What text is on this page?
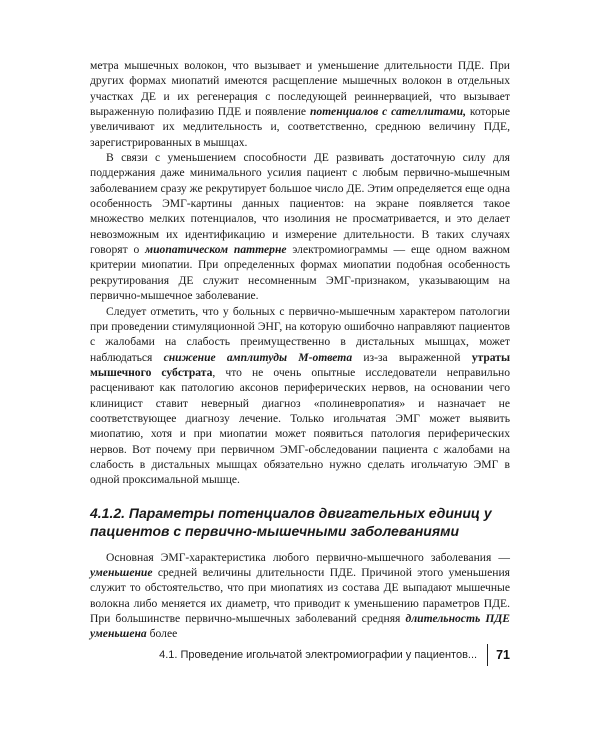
метра мышечных волокон, что вызывает и уменьшение длительности ПДЕ. При других формах миопатий имеются расщепление мышечных волокон в отдельных участках ДЕ и их регенерация с последующей реиннервацией, что вызывает выраженную полифазию ПДЕ и появление потенциалов с сателлитами, которые увеличивают их медлительность и, соответственно, среднюю величину ПДЕ, зарегистрированных в мышцах.

В связи с уменьшением способности ДЕ развивать достаточную силу для поддержания даже минимального усилия пациент с любым первично-мышечным заболеванием сразу же рекрутирует большое число ДЕ. Этим определяется еще одна особенность ЭМГ-картины данных пациентов: на экране появляется такое множество мелких потенциалов, что изолиния не просматривается, и это делает невозможным их идентификацию и измерение длительности. В таких случаях говорят о миопатическом паттерне электромиограммы — еще одном важном критерии миопатии. При определенных формах миопатии подобная особенность рекрутирования ДЕ служит несомненным ЭМГ-признаком, указывающим на первично-мышечное заболевание.

Следует отметить, что у больных с первично-мышечным характером патологии при проведении стимуляционной ЭНГ, на которую ошибочно направляют пациентов с жалобами на слабость преимущественно в дистальных мышцах, может наблюдаться снижение амплитуды М-ответа из-за выраженной утраты мышечного субстрата, что не очень опытные исследователи неправильно расценивают как патологию аксонов периферических нервов, на основании чего клиницист ставит неверный диагноз «полиневропатия» и назначает не соответствующее диагнозу лечение. Только игольчатая ЭМГ может выявить миопатию, хотя и при миопатии может появиться патология периферических нервов. Вот почему при первичном ЭМГ-обследовании пациента с жалобами на слабость в дистальных мышцах обязательно нужно сделать игольчатую ЭМГ в одной проксимальной мышце.

4.1.2. Параметры потенциалов двигательных единиц у пациентов с первично-мышечными заболеваниями

Основная ЭМГ-характеристика любого первично-мышечного заболевания — уменьшение средней величины длительности ПДЕ. Причиной этого уменьшения служит то обстоятельство, что при миопатиях из состава ДЕ выпадают мышечные волокна либо меняется их диаметр, что приводит к уменьшению параметров ПДЕ. При большинстве первично-мышечных заболеваний средняя длительность ПДЕ уменьшена более

4.1. Проведение игольчатой электромиографии у пациентов... 71
